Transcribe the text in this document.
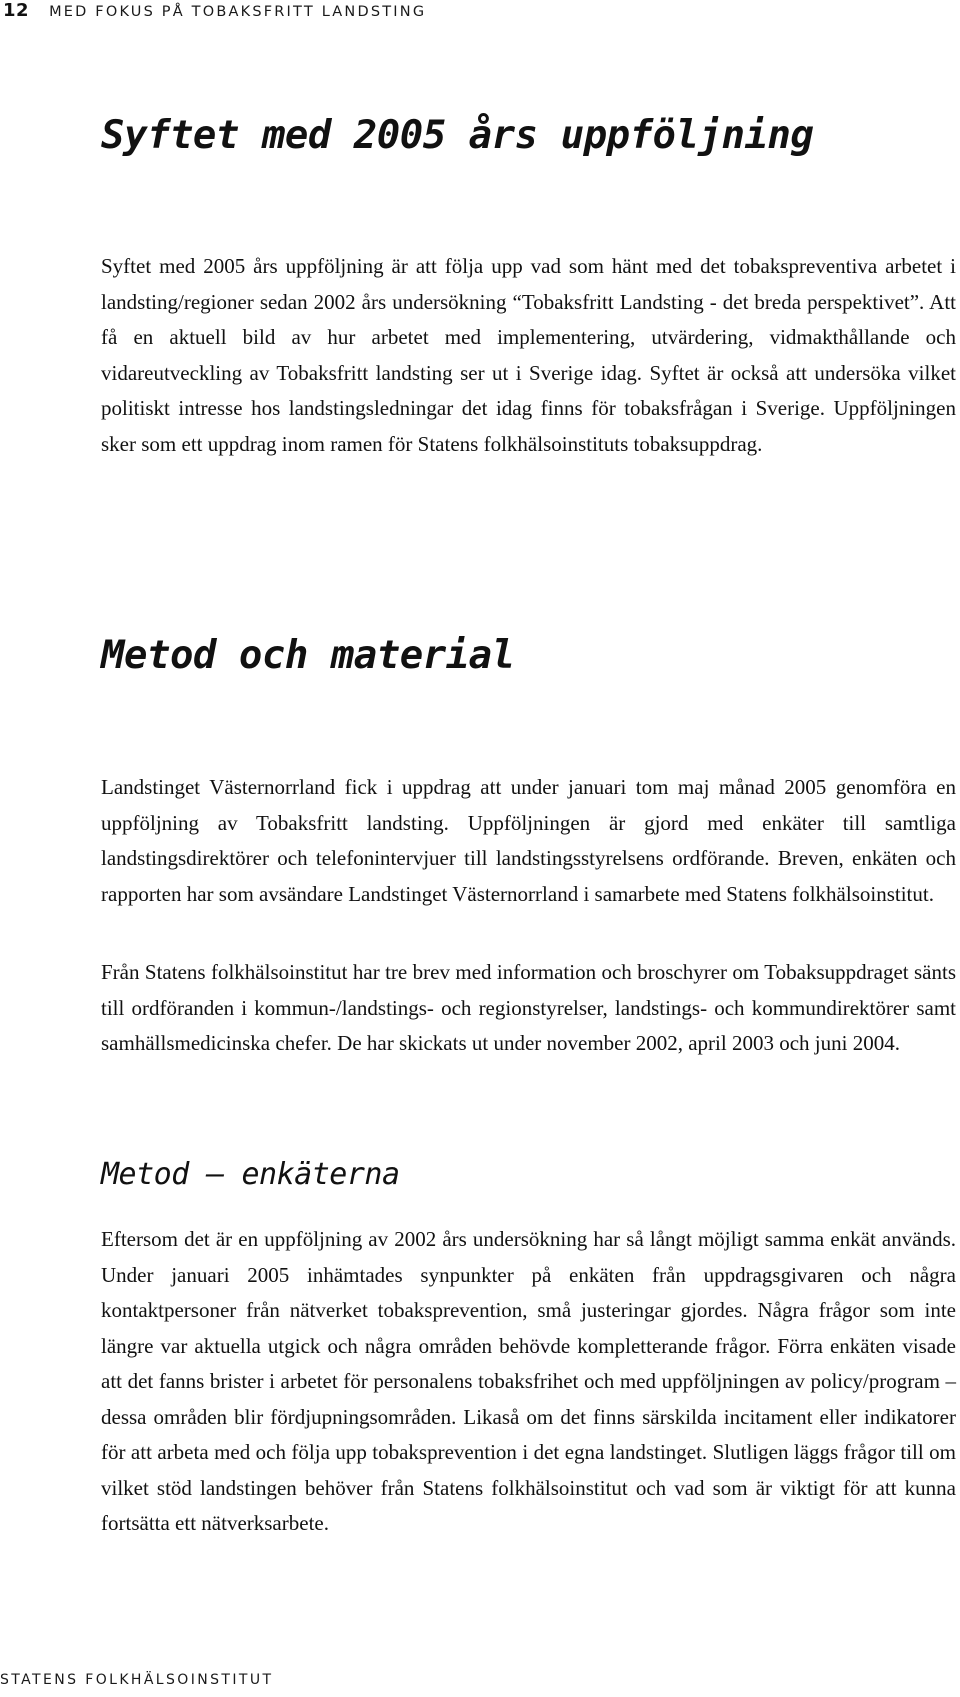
12 MED FOKUS PÅ TOBAKSFRITT LANDSTING
Syftet med 2005 års uppföljning

Syftet med 2005 års uppföljning är att följa upp vad som hänt med det tobakspreventiva arbetet i landsting/regioner sedan 2002 års undersökning “Tobaksfritt Landsting - det breda perspektivet”. Att få en aktuell bild av hur arbetet med implementering, utvärdering, vidmakthållande och vidareutveckling av Tobaksfritt landsting ser ut i Sverige idag. Syftet är också att undersöka vilket politiskt intresse hos landstingsledningar det idag finns för tobaksfrågan i Sverige. Uppföljningen sker som ett uppdrag inom ramen för Statens folkhälsoinstituts tobaksuppdrag.

Metod och material

Landstinget Västernorrland fick i uppdrag att under januari tom maj månad 2005 genomföra en uppföljning av Tobaksfritt landsting. Uppföljningen är gjord med enkäter till samtliga landstingsdirektörer och telefonintervjuer till landstingsstyrelsens ordförande. Breven, enkäten och rapporten har som avsändare Landstinget Västernorrland i samarbete med Statens folkhälsoinstitut.

Från Statens folkhälsoinstitut har tre brev med information och broschyrer om Tobaksuppdraget sänts till ordföranden i kommun-/landstings- och regionstyrelser, landstings- och kommundirektörer samt samhällsmedicinska chefer. De har skickats ut under november 2002, april 2003 och juni 2004.

Metod – enkäterna

Eftersom det är en uppföljning av 2002 års undersökning har så långt möjligt samma enkät används. Under januari 2005 inhämtades synpunkter på enkäten från uppdragsgivaren och några kontaktpersoner från nätverket tobaksprevention, små justeringar gjordes. Några frågor som inte längre var aktuella utgick och några områden behövde kompletterande frågor. Förra enkäten visade att det fanns brister i arbetet för personalens tobaksfrihet och med uppföljningen av policy/program – dessa områden blir fördjupningsområden. Likaså om det finns särskilda incitament eller indikatorer för att arbeta med och följa upp tobaksprevention i det egna landstinget. Slutligen läggs frågor till om vilket stöd landstingen behöver från Statens folkhälsoinstitut och vad som är viktigt för att kunna fortsätta ett nätverksarbete.

STATENS FOLKHÄLSOINSTITUT
